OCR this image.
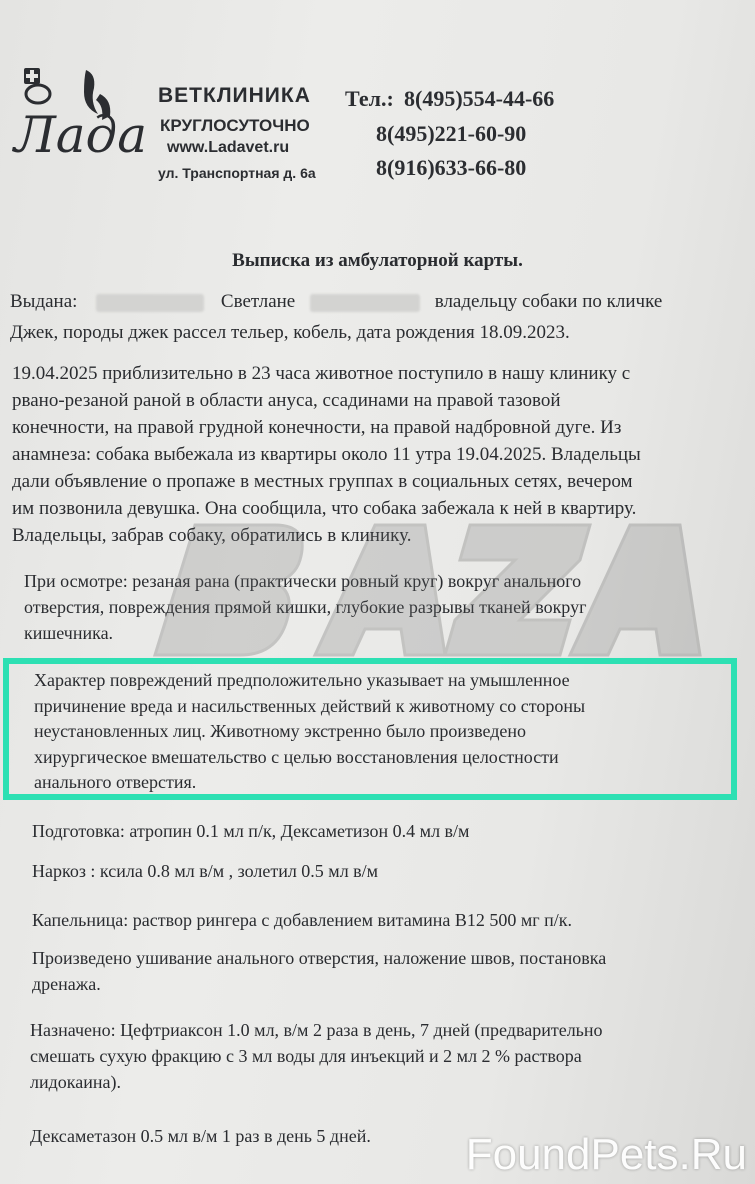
Лада
ВЕТКЛИНИКА
КРУГЛОСУТОЧНО
www.Ladavet.ru
ул. Транспортная д. 6а
Тел.: 8(495)554-44-66
8(495)221-60-90
8(916)633-66-80
Выписка из амбулаторной карты.
Выдана:	Светлане	владельцу собаки по кличке
Джек, породы джек рассел тельер, кобель, дата рождения 18.09.2023.
19.04.2025 приблизительно в 23 часа животное поступило в нашу клинику с
рвано-резаной раной в области ануса, ссадинами на правой тазовой
конечности, на правой грудной конечности, на правой надбровной дуге. Из
анамнеза: собака выбежала из квартиры около 11 утра 19.04.2025. Владельцы
дали объявление о пропаже в местных группах в социальных сетях, вечером
им позвонила девушка. Она сообщила, что собака забежала к ней в квартиру.
Владельцы, забрав собаку, обратились в клинику.
При осмотре: резаная рана (практически ровный круг) вокруг анального
отверстия, повреждения прямой кишки, глубокие разрывы тканей вокруг
кишечника.
Характер повреждений предположительно указывает на умышленное
причинение вреда и насильственных действий к животному со стороны
неустановленных лиц. Животному экстренно было произведено
хирургическое вмешательство с целью восстановления целостности
анального отверстия.
Подготовка: атропин 0.1 мл п/к, Дексаметизон 0.4 мл в/м
Наркоз : ксила 0.8 мл в/м , золетил 0.5 мл в/м
Капельница: раствор рингера с добавлением витамина В12 500 мг п/к.
Произведено ушивание анального отверстия, наложение швов, постановка
дренажа.
Назначено: Цефтриаксон 1.0 мл, в/м 2 раза в день, 7 дней (предварительно
смешать сухую фракцию с 3 мл воды для инъекций и 2 мл 2 % раствора
лидокаина).
Дексаметазон 0.5 мл в/м 1 раз в день 5 дней. FoundPets.Ru
